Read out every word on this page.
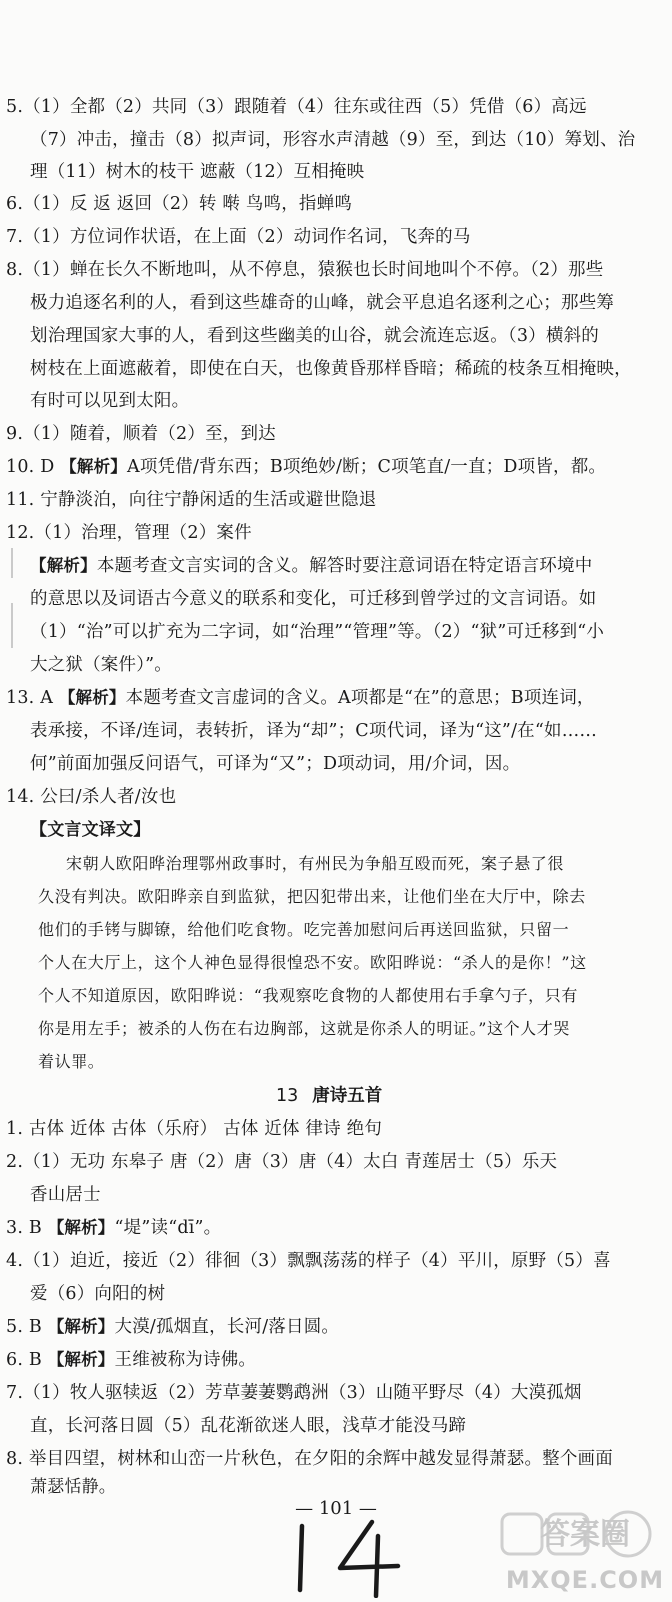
5.（1）全都（2）共同（3）跟随着（4）往东或往西（5）凭借（6）高远
（7）冲击，撞击（8）拟声词，形容水声清越（9）至，到达（10）筹划、治
理（11）树木的枝干 遮蔽（12）互相掩映
6.（1）反 返 返回（2）转 啭 鸟鸣，指蝉鸣
7.（1）方位词作状语，在上面（2）动词作名词，飞奔的马
8.（1）蝉在长久不断地叫，从不停息，猿猴也长时间地叫个不停。（2）那些
极力追逐名利的人，看到这些雄奇的山峰，就会平息追名逐利之心；那些筹
划治理国家大事的人，看到这些幽美的山谷，就会流连忘返。（3）横斜的
树枝在上面遮蔽着，即使在白天，也像黄昏那样昏暗；稀疏的枝条互相掩映，
有时可以见到太阳。
9.（1）随着，顺着（2）至，到达
10. D 【解析】A项凭借/背东西；B项绝妙/断；C项笔直/一直；D项皆，都。
11. 宁静淡泊，向往宁静闲适的生活或避世隐退
12.（1）治理，管理（2）案件
【解析】本题考查文言实词的含义。解答时要注意词语在特定语言环境中
的意思以及词语古今意义的联系和变化，可迁移到曾学过的文言词语。如
（1）“治”可以扩充为二字词，如“治理”“管理”等。（2）“狱”可迁移到“小
大之狱（案件）”。
13. A 【解析】本题考查文言虚词的含义。A项都是“在”的意思；B项连词，
表承接，不译/连词，表转折，译为“却”；C项代词，译为“这”/在“如……
何”前面加强反问语气，可译为“又”；D项动词，用/介词，因。
14. 公曰/杀人者/汝也
【文言文译文】
宋朝人欧阳晔治理鄂州政事时，有州民为争船互殴而死，案子悬了很
久没有判决。欧阳晔亲自到监狱，把囚犯带出来，让他们坐在大厅中，除去
他们的手铐与脚镣，给他们吃食物。吃完善加慰问后再送回监狱，只留一
个人在大厅上，这个人神色显得很惶恐不安。欧阳晔说：“杀人的是你！”这
个人不知道原因，欧阳晔说：“我观察吃食物的人都使用右手拿勺子，只有
你是用左手；被杀的人伤在右边胸部，这就是你杀人的明证。”这个人才哭
着认罪。
13 唐诗五首
1. 古体 近体 古体（乐府） 古体 近体 律诗 绝句
2.（1）无功 东皋子 唐（2）唐（3）唐（4）太白 青莲居士（5）乐天
香山居士
3. B 【解析】“堤”读“dī”。
4.（1）迫近，接近（2）徘徊（3）飘飘荡荡的样子（4）平川，原野（5）喜
爱（6）向阳的树
5. B 【解析】大漠/孤烟直，长河/落日圆。
6. B 【解析】王维被称为诗佛。
7.（1）牧人驱犊返（2）芳草萋萋鹦鹉洲（3）山随平野尽（4）大漠孤烟
直，长河落日圆（5）乱花渐欲迷人眼，浅草才能没马蹄
8. 举目四望，树林和山峦一片秋色，在夕阳的余辉中越发显得萧瑟。整个画面
萧瑟恬静。
— 101 —
答案圈
MXQE.COM
